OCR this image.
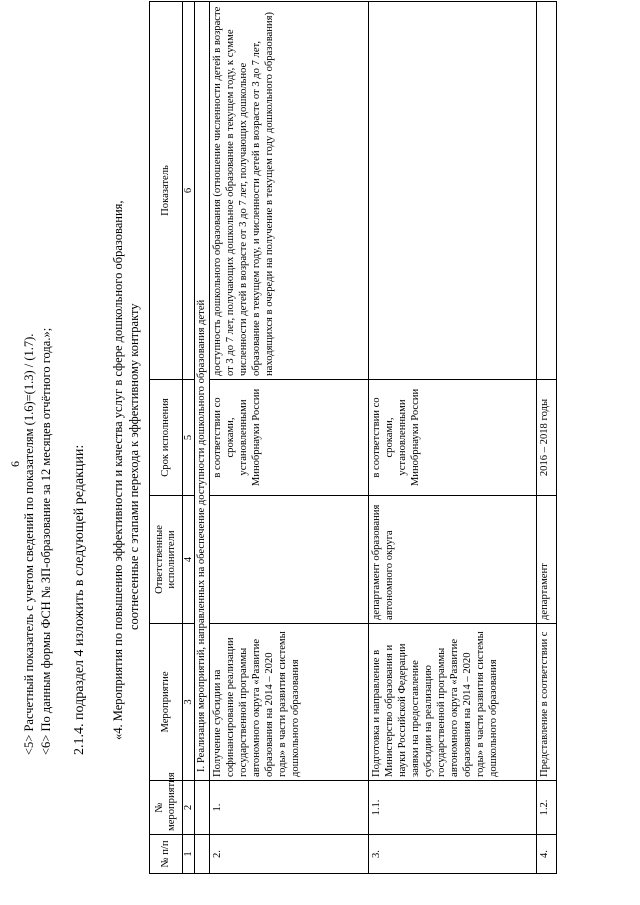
6 <5> Расчетный показатель с учетом сведений по показателям (1.6)=(1.3) / (1.7). <6> По данным формы ФСН № ЗП-образование за 12 месяцев отчётного года.»; 2.1.4. подраздел 4 изложить в следующей редакции: «4. Мероприятия по повышению эффективности и качества услуг в сфере дошкольного образования, соотнесенные с этапами перехода к эффективному контракту
№ п/п	№ мероприятия	Мероприятие	Ответственные исполнители	Срок исполнения	Показатель
1	2	3	4	5	6
		I. Реализация мероприятий, направленных на обеспечение доступности дошкольного образования детей			
2.	1.	Получение субсидии на софинансирование реализации государственной программы автономного округа «Развитие образования на 2014 – 2020 годы» в части развития системы дошкольного образования		в соответствии со сроками, установленными Минобрнауки России	доступность дошкольного образования (отношение численности детей в возрасте от 3 до 7 лет, получающих дошкольное образование в текущем году, к сумме численности детей в возрасте от 3 до 7 лет, получающих дошкольное образование в текущем году, и численности детей в возрасте от 3 до 7 лет, находящихся в очереди на получение в текущем году дошкольного образования)
3.	1.1.	Подготовка и направление в Министерство образования и науки Российской Федерации заявки на предоставление субсидии на реализацию государственной программы автономного округа «Развитие образования на 2014 – 2020 годы» в части развития системы дошкольного образования	департамент образования автономного округа	в соответствии со сроками, установленными Минобрнауки России	
4.	1.2.	Представление в соответствии с	департамент	2016 – 2018 годы	
